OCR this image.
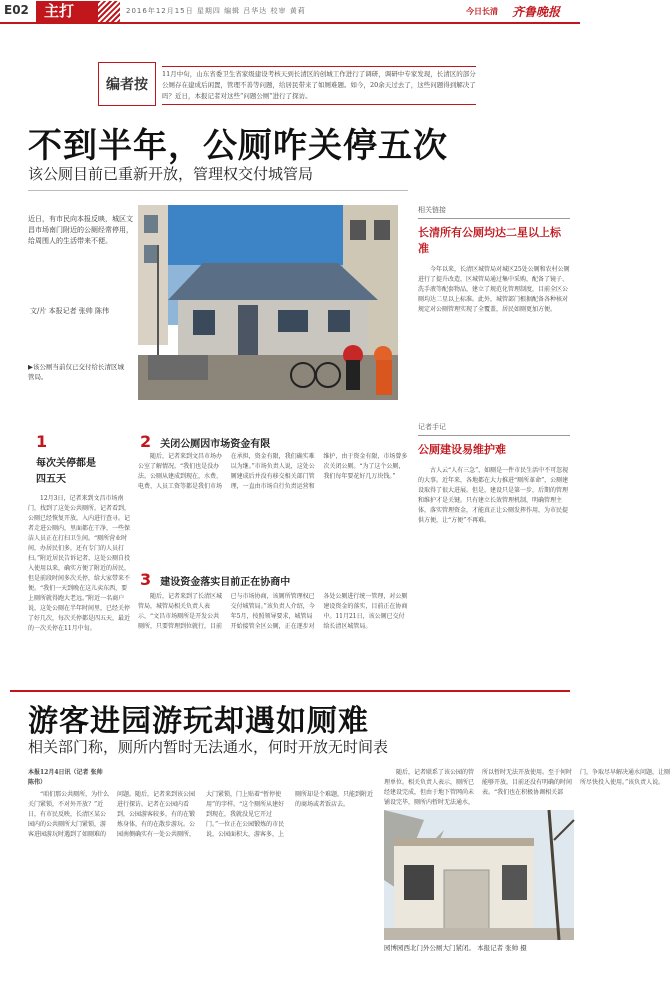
E02	主打	2016年12月15日 星期四 编辑 吕华达 校审 黄莉	今日长清 齐鲁晚报
编者按
11月中旬，山东省委卫生省家级建设考核天到长清区的创城工作进行了调研，调研中专家发现，长清区的部分公厕存在建成后闲置，管理不善等问题，给居民带来了如厕难题。如今，20余天过去了，这些问题得到解决了吗？近日，本报记者对这些“问题公厕”进行了探访。
不到半年，公厕咋关停五次
该公厕目前已重新开放，管理权交付城管局
近日，有市民向本报反映，城区文昌市场南门附近的公厕经常停用，给周围人的生活带来不便。
文/片 本报记者 张帅 陈伟
▶该公厕当前仅已交付给长清区城管局。
相关链接
长清所有公厕均达二星以上标准
今年以来，长清区城管局对城区25处公厕和农村公厕进行了提升改造，区城管局通过集中采购，配备了镜子、洗手液等配套物品，建立了规范化管理制度，目前全区公厕均达二星以上标准。此外，城管部门根据配备各种核对规定对公厕管理实现了全覆盖，居民如厕更加方便。
记者手记
公厕建设易维护难
古人云“人有三急”，如厕是一件市民生活中不可忽视的大事。近年来，各地都在大力推进“厕所革命”，公厕建设取得了很大进展。但是，建设只是第一步，后期的管理和维护才是关键。只有建立长效管理机制，明确管理主体，落实管理资金，才能真正让公厕发挥作用，为市民提供方便，让“方便”不再难。
1
每次关停都是四五天
12月3日，记者来到文昌市场南门，找到了这处公共厕所。记者看到，公厕已经恢复开放，入内进行查寻。记者走进公厕内，里面都在干净，一些保洁人员正在打扫卫生间。“厕所营业时间，办居民们多，还有专门的人员打扫。”附近居民告诉记者，这处公厕自投入使用以来，确实方便了附近的居民，但是前段时间多次关停，给大家带来不便。“我们一天到晚在这儿卖东西，要上厕所就得跑大老远。”附近一名商户说，这处公厕在半年时间里，已经关停了好几次，每次关停都是四五天，最近的一次关停在11月中旬。
2 关闭公厕因市场资金有限
随后，记者来到文昌市场办公室了解情况。“我们也是没办法。公厕从建成到现在，水费、电费、人员工资等都是我们市场在承担，资金有限，我们确实难以为继。”市场负责人说，这处公厕建成后并没有移交相关部门管理，一直由市场自行负责运营和维护，由于资金有限，市场曾多次关闭公厕。“为了这个公厕，我们每年要花好几万块钱。”
3 建设资金落实目前正在协商中
随后，记者来到了长清区城管局，城管局相关负责人表示，“文昌市场厕所是开发公共厕所，只要管理到位就行，目前已与市场协商，该厕所管理权已交付城管局。”该负责人介绍，今年5月，按照领导要求，城管局开始接管全区公厕，正在逐步对各处公厕进行统一管理，对公厕建设资金的落实，目前正在协商中。11月21日，该公厕已交付给长清区城管局。
游客进园游玩却遇如厕难
相关部门称，厕所内暂时无法通水，何时开放无时间表
本报12月4日讯（记者 张帅 陈伟）
“咱们那公共厕所，为什么关门紧锁，不对外开放？”近日，有市民反映，长清区某公园内的公共厕所大门紧锁，游客进园游玩时遇到了如厕难的问题。随后，记者来到该公园进行探访。记者在公园内看到，公园游客较多，有的在锻炼身体，有的在散步游玩。公园南侧确实有一处公共厕所，大门紧锁，门上贴着“暂停使用”的字样。“这个厕所从建好到现在，我就没见它开过门。”一位正在公园锻炼的市民说，公园面积大，游客多，上厕所却是个难题，只能到附近的商场或者饭店去。
随后，记者联系了该公园的管理单位。相关负责人表示，厕所已经建设完成，但由于地下管网尚未铺设完毕，厕所内暂时无法通水，所以暂时无法开放使用。至于何时能够开放，目前还没有明确的时间表。“我们也在积极协调相关部门，争取尽早解决通水问题，让厕所尽快投入使用。”该负责人说。
园博园西北门外公厕大门紧闭。 本报记者 张帅 摄
